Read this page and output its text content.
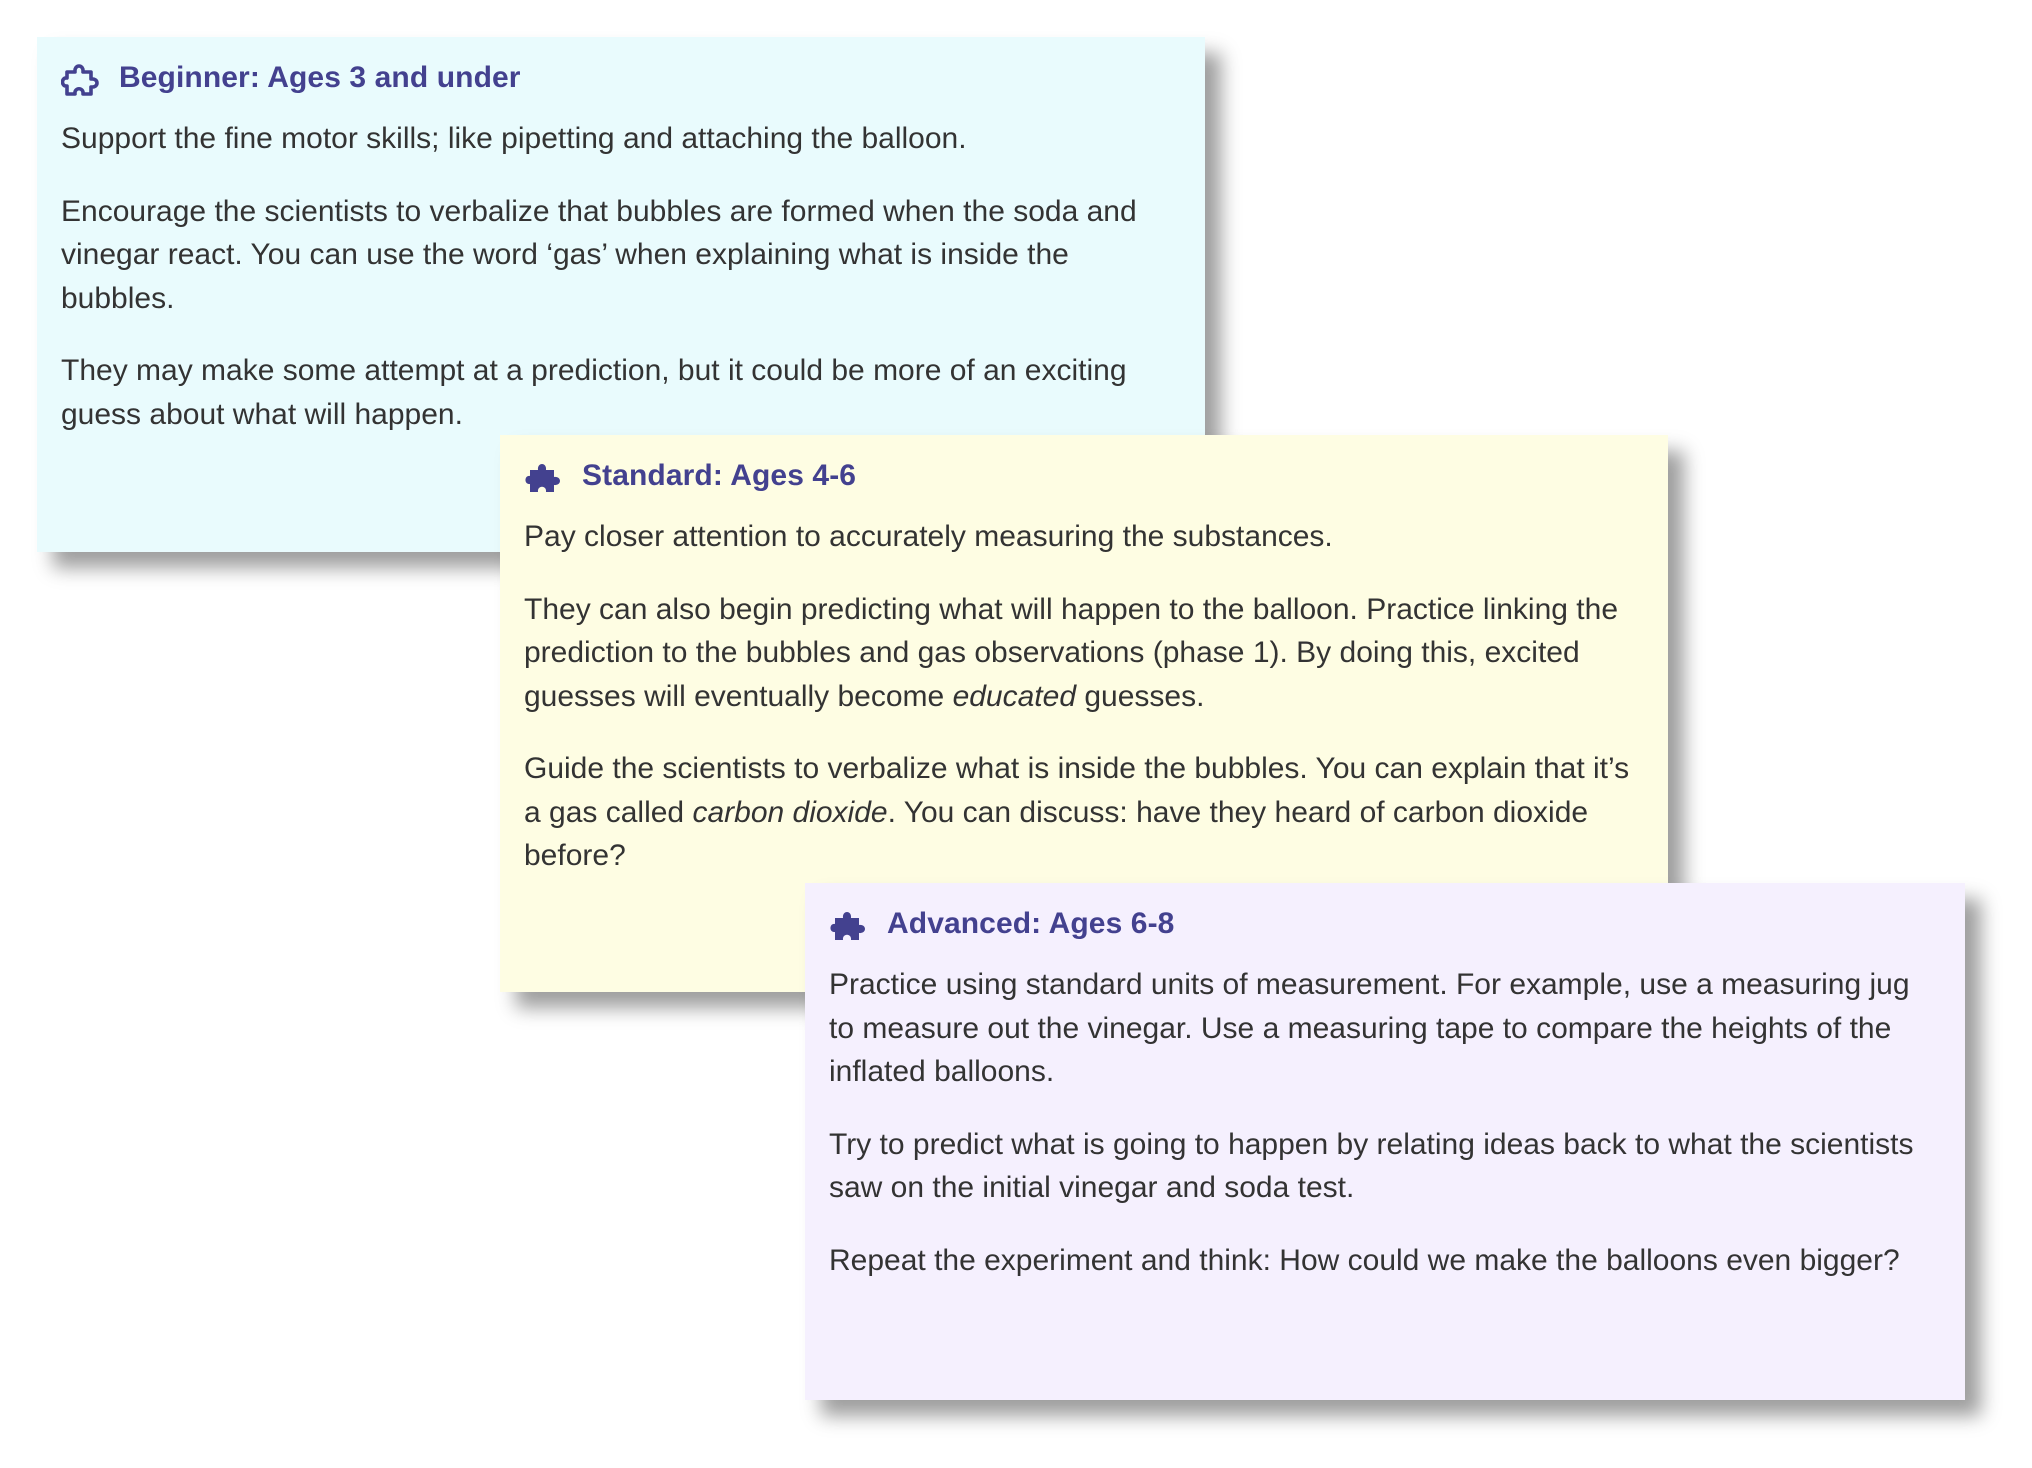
Beginner: Ages 3 and under

Support the fine motor skills; like pipetting and attaching the balloon.

Encourage the scientists to verbalize that bubbles are formed when the soda and vinegar react. You can use the word ‘gas’ when explaining what is inside the bubbles.

They may make some attempt at a prediction, but it could be more of an exciting guess about what will happen.

Standard: Ages 4-6

Pay closer attention to accurately measuring the substances.

They can also begin predicting what will happen to the balloon. Practice linking the prediction to the bubbles and gas observations (phase 1). By doing this, excited guesses will eventually become educated guesses.

Guide the scientists to verbalize what is inside the bubbles. You can explain that it’s a gas called carbon dioxide. You can discuss: have they heard of carbon dioxide before?

Advanced: Ages 6-8

Practice using standard units of measurement. For example, use a measuring jug to measure out the vinegar. Use a measuring tape to compare the heights of the inflated balloons.

Try to predict what is going to happen by relating ideas back to what the scientists saw on the initial vinegar and soda test.

Repeat the experiment and think: How could we make the balloons even bigger?
